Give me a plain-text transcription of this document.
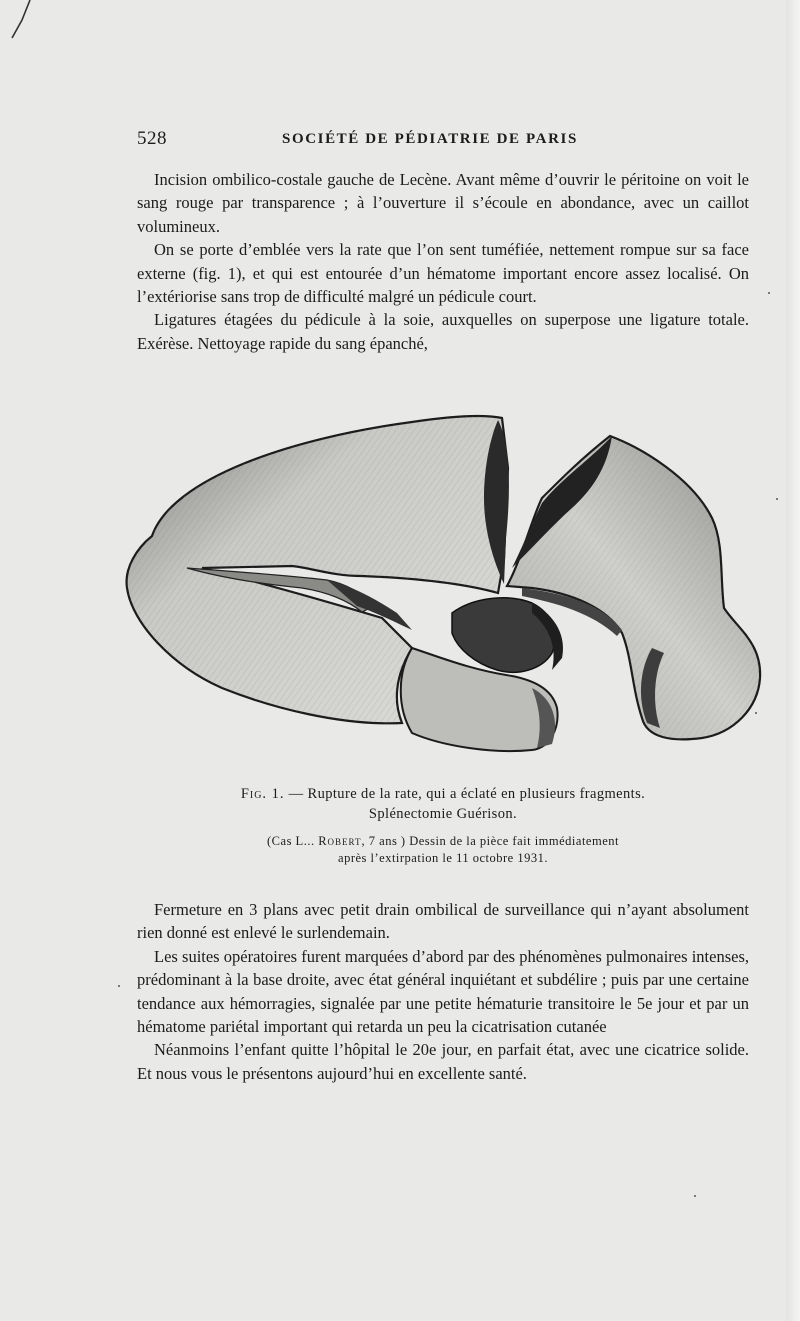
528	SOCIÉTÉ DE PÉDIATRIE DE PARIS

Incision ombilico-costale gauche de Lecène. Avant même d’ouvrir le péritoine on voit le sang rouge par transparence ; à l’ouverture il s’écoule en abondance, avec un caillot volumineux.

On se porte d’emblée vers la rate que l’on sent tuméfiée, nettement rompue sur sa face externe (fig. 1), et qui est entourée d’un hématome important encore assez localisé. On l’extériorise sans trop de difficulté malgré un pédicule court.

Ligatures étagées du pédicule à la soie, auxquelles on superpose une ligature totale. Exérèse. Nettoyage rapide du sang épanché,

Fig. 1. — Rupture de la rate, qui a éclaté en plusieurs fragments.
Splénectomie Guérison.
(Cas L... Robert, 7 ans ) Dessin de la pièce fait immédiatement
après l’extirpation le 11 octobre 1931.

Fermeture en 3 plans avec petit drain ombilical de surveillance qui n’ayant absolument rien donné est enlevé le surlendemain.

Les suites opératoires furent marquées d’abord par des phénomènes pulmonaires intenses, prédominant à la base droite, avec état général inquiétant et subdélire ; puis par une certaine tendance aux hémorragies, signalée par une petite hématurie transitoire le 5e jour et par un hématome pariétal important qui retarda un peu la cicatrisation cutanée

Néanmoins l’enfant quitte l’hôpital le 20e jour, en parfait état, avec une cicatrice solide. Et nous vous le présentons aujourd’hui en excellente santé.
